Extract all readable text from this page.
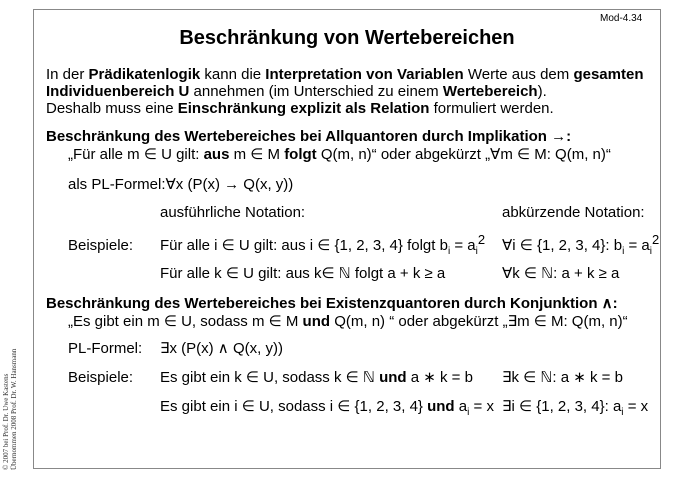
Mod-4.34
Beschränkung von Wertebereichen
In der Prädikatenlogik kann die Interpretation von Variablen Werte aus dem gesamten
Individuenbereich U annehmen (im Unterschied zu einem Wertebereich).
Deshalb muss eine Einschränkung explizit als Relation formuliert werden.
Beschränkung des Wertebereiches bei Allquantoren durch Implikation →:
„Für alle m ∈ U gilt: aus m ∈ M folgt Q(m, n)“ oder abgekürzt „∀m ∈ M: Q(m, n)“
als PL-Formel:∀x (P(x) → Q(x, y))
ausführliche Notation:	abkürzende Notation:
Beispiele: Für alle i ∈ U gilt: aus i ∈ {1, 2, 3, 4} folgt $b_i = a_i^2$ ∀i ∈ {1, 2, 3, 4}: $b_i = a_i^2$
Für alle k ∈ U gilt: aus k∈ ℕ folgt a + k ≥ a	∀k ∈ ℕ: a + k ≥ a
Beschränkung des Wertebereiches bei Existenzquantoren durch Konjunktion ∧:
„Es gibt ein m ∈ U, sodass m ∈ M und Q(m, n) “ oder abgekürzt „∃m ∈ M: Q(m, n)“
PL-Formel: ∃x (P(x) ∧ Q(x, y))
Beispiele: Es gibt ein k ∈ U, sodass k ∈ ℕ und a ∗ k = b ∃k ∈ ℕ: a ∗ k = b
Es gibt ein i ∈ U, sodass i ∈ {1, 2, 3, 4} und $a_i = x$ ∃i ∈ {1, 2, 3, 4}: $a_i = x$
© 2007 bei Prof. Dr. Uwe Kastens Übernommen 2008 Prof. Dr. W. Hansmann
